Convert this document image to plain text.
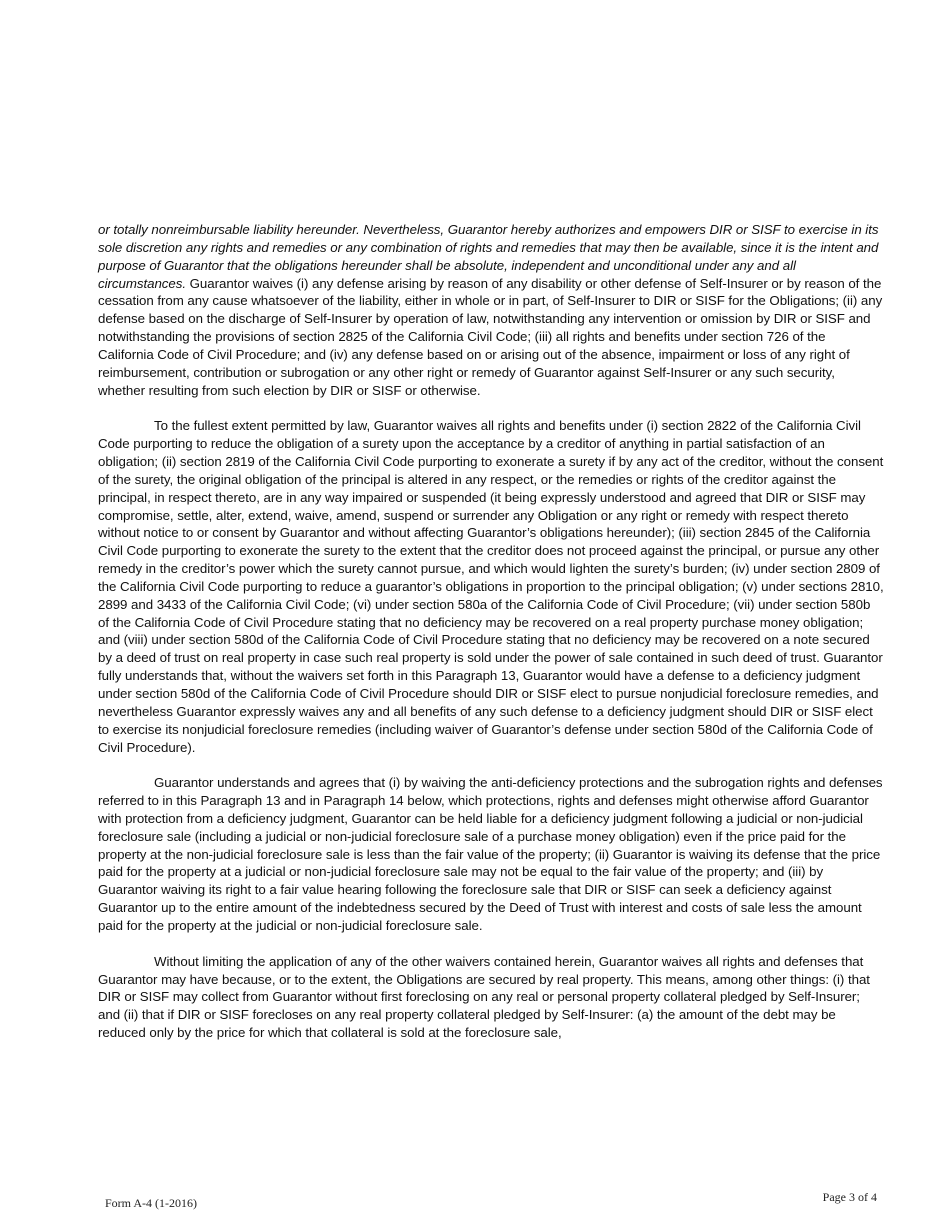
or totally nonreimbursable liability hereunder. Nevertheless, Guarantor hereby authorizes and empowers DIR or SISF to exercise in its sole discretion any rights and remedies or any combination of rights and remedies that may then be available, since it is the intent and purpose of Guarantor that the obligations hereunder shall be absolute, independent and unconditional under any and all circumstances. Guarantor waives (i) any defense arising by reason of any disability or other defense of Self-Insurer or by reason of the cessation from any cause whatsoever of the liability, either in whole or in part, of Self-Insurer to DIR or SISF for the Obligations; (ii) any defense based on the discharge of Self-Insurer by operation of law, notwithstanding any intervention or omission by DIR or SISF and notwithstanding the provisions of section 2825 of the California Civil Code; (iii) all rights and benefits under section 726 of the California Code of Civil Procedure; and (iv) any defense based on or arising out of the absence, impairment or loss of any right of reimbursement, contribution or subrogation or any other right or remedy of Guarantor against Self-Insurer or any such security, whether resulting from such election by DIR or SISF or otherwise.

To the fullest extent permitted by law, Guarantor waives all rights and benefits under (i) section 2822 of the California Civil Code purporting to reduce the obligation of a surety upon the acceptance by a creditor of anything in partial satisfaction of an obligation; (ii) section 2819 of the California Civil Code purporting to exonerate a surety if by any act of the creditor, without the consent of the surety, the original obligation of the principal is altered in any respect, or the remedies or rights of the creditor against the principal, in respect thereto, are in any way impaired or suspended (it being expressly understood and agreed that DIR or SISF may compromise, settle, alter, extend, waive, amend, suspend or surrender any Obligation or any right or remedy with respect thereto without notice to or consent by Guarantor and without affecting Guarantor’s obligations hereunder); (iii) section 2845 of the California Civil Code purporting to exonerate the surety to the extent that the creditor does not proceed against the principal, or pursue any other remedy in the creditor’s power which the surety cannot pursue, and which would lighten the surety’s burden; (iv) under section 2809 of the California Civil Code purporting to reduce a guarantor’s obligations in proportion to the principal obligation; (v) under sections 2810, 2899 and 3433 of the California Civil Code; (vi) under section 580a of the California Code of Civil Procedure; (vii) under section 580b of the California Code of Civil Procedure stating that no deficiency may be recovered on a real property purchase money obligation; and (viii) under section 580d of the California Code of Civil Procedure stating that no deficiency may be recovered on a note secured by a deed of trust on real property in case such real property is sold under the power of sale contained in such deed of trust. Guarantor fully understands that, without the waivers set forth in this Paragraph 13, Guarantor would have a defense to a deficiency judgment under section 580d of the California Code of Civil Procedure should DIR or SISF elect to pursue nonjudicial foreclosure remedies, and nevertheless Guarantor expressly waives any and all benefits of any such defense to a deficiency judgment should DIR or SISF elect to exercise its nonjudicial foreclosure remedies (including waiver of Guarantor’s defense under section 580d of the California Code of Civil Procedure).

Guarantor understands and agrees that (i) by waiving the anti-deficiency protections and the subrogation rights and defenses referred to in this Paragraph 13 and in Paragraph 14 below, which protections, rights and defenses might otherwise afford Guarantor with protection from a deficiency judgment, Guarantor can be held liable for a deficiency judgment following a judicial or non-judicial foreclosure sale (including a judicial or non-judicial foreclosure sale of a purchase money obligation) even if the price paid for the property at the non-judicial foreclosure sale is less than the fair value of the property; (ii) Guarantor is waiving its defense that the price paid for the property at a judicial or non-judicial foreclosure sale may not be equal to the fair value of the property; and (iii) by Guarantor waiving its right to a fair value hearing following the foreclosure sale that DIR or SISF can seek a deficiency against Guarantor up to the entire amount of the indebtedness secured by the Deed of Trust with interest and costs of sale less the amount paid for the property at the judicial or non-judicial foreclosure sale.

Without limiting the application of any of the other waivers contained herein, Guarantor waives all rights and defenses that Guarantor may have because, or to the extent, the Obligations are secured by real property. This means, among other things: (i) that DIR or SISF may collect from Guarantor without first foreclosing on any real or personal property collateral pledged by Self-Insurer; and (ii) that if DIR or SISF forecloses on any real property collateral pledged by Self-Insurer: (a) the amount of the debt may be reduced only by the price for which that collateral is sold at the foreclosure sale,

Form A-4 (1-2016)	Page 3 of 4
